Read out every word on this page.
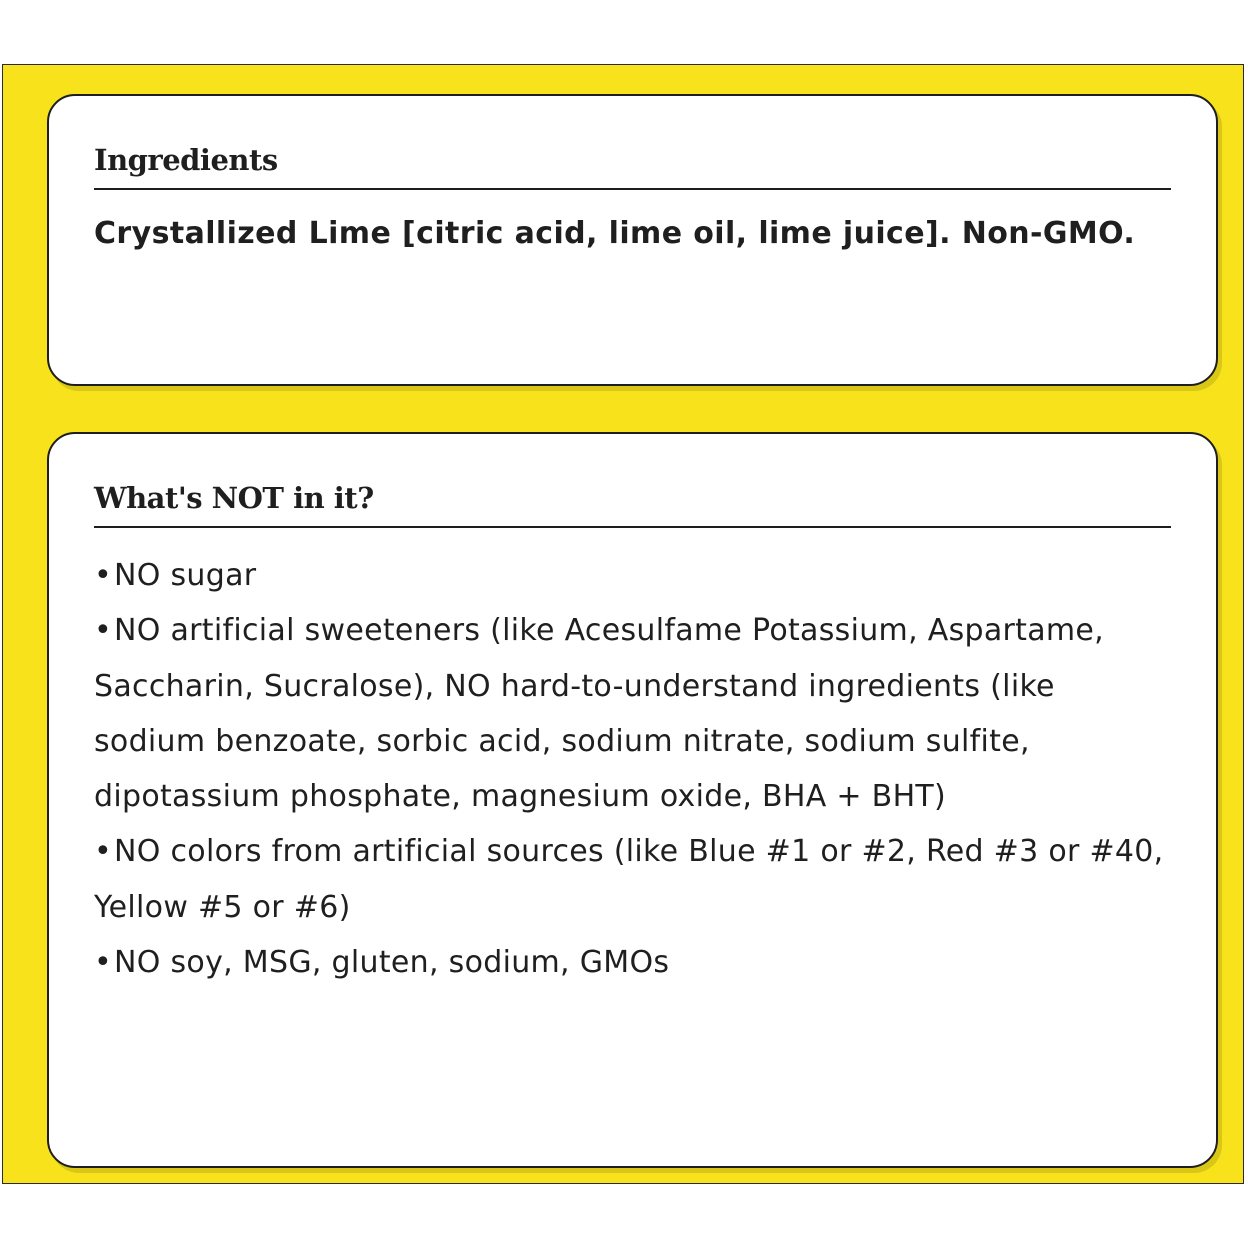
Ingredients

Crystallized Lime [citric acid, lime oil, lime juice]. Non-GMO.

What's NOT in it?
•NO sugar
•NO artificial sweeteners (like Acesulfame Potassium, Aspartame, Saccharin, Sucralose), NO hard-to-understand ingredients (like sodium benzoate, sorbic acid, sodium nitrate, sodium sulfite, dipotassium phosphate, magnesium oxide, BHA + BHT)
•NO colors from artificial sources (like Blue #1 or #2, Red #3 or #40, Yellow #5 or #6)
•NO soy, MSG, gluten, sodium, GMOs
